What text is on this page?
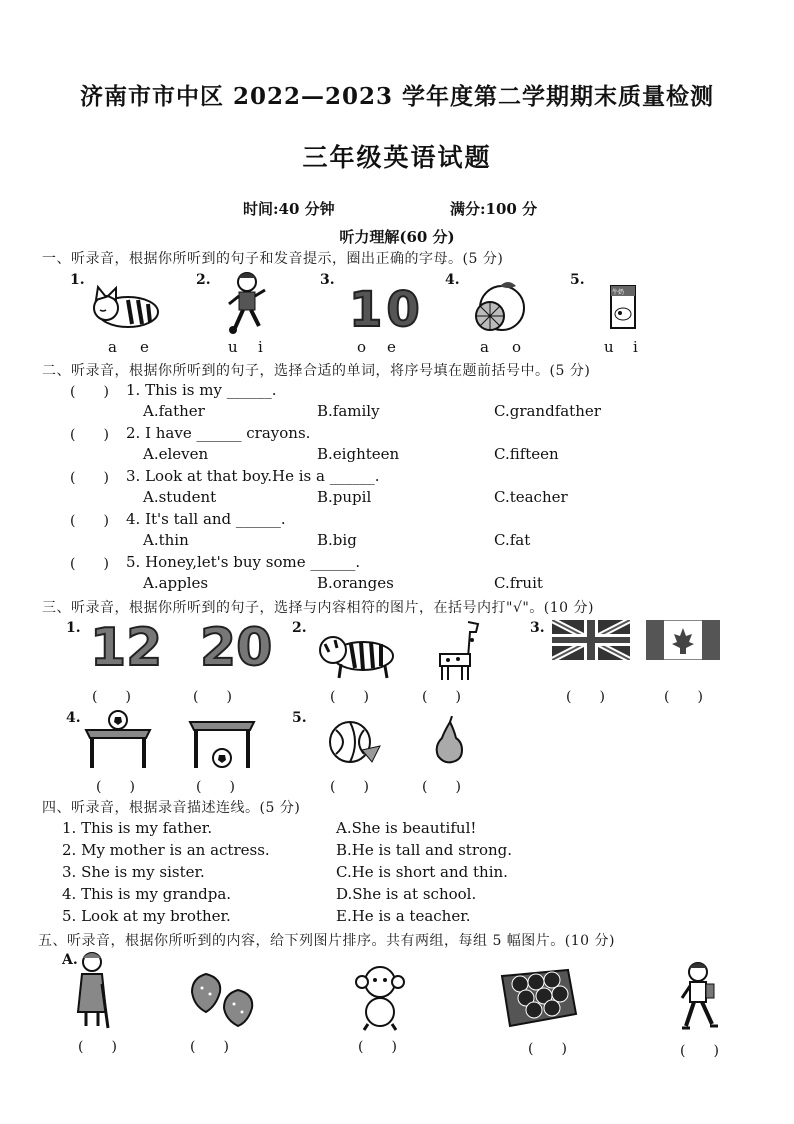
济南市市中区 2022—2023 学年度第二学期期末质量检测
三年级英语试题
时间:40 分钟	满分:100 分
听力理解(60 分)
一、听录音，根据你所听到的句子和发音提示，圈出正确的字母。(5 分)
1.	2.	3.	4.	5.
10	牛奶
a e	u i	o e	a o	u i
二、听录音，根据你所听到的句子，选择合适的单词，将序号填在题前括号中。(5 分)
(　　) 1. This is my ______.
A.father	B.family	C.grandfather
(　　) 2. I have ______ crayons.
A.eleven	B.eighteen	C.fifteen
(　　) 3. Look at that boy.He is a ______.
A.student	B.pupil	C.teacher
(　　) 4. It's tall and ______.
A.thin	B.big	C.fat
(　　) 5. Honey,let's buy some ______.
A.apples	B.oranges	C.fruit
三、听录音，根据你所听到的句子，选择与内容相符的图片，在括号内打"√"。(10 分)
1.	2.	3.
12 20
(　　)	(　　)	(　　)	(　　)	(　　)	(　　)
4.	5.
(　　)	(　　)	(　　)	(　　)
四、听录音，根据录音描述连线。(5 分)
1. This is my father.
2. My mother is an actress.
3. She is my sister.
4. This is my grandpa.
5. Look at my brother.
A.She is beautiful!
B.He is tall and strong.
C.He is short and thin.
D.She is at school.
E.He is a teacher.
五、听录音，根据你所听到的内容，给下列图片排序。共有两组，每组 5 幅图片。(10 分)
A.
(　　)	(　　)	(　　)	(　　)	(　　)
